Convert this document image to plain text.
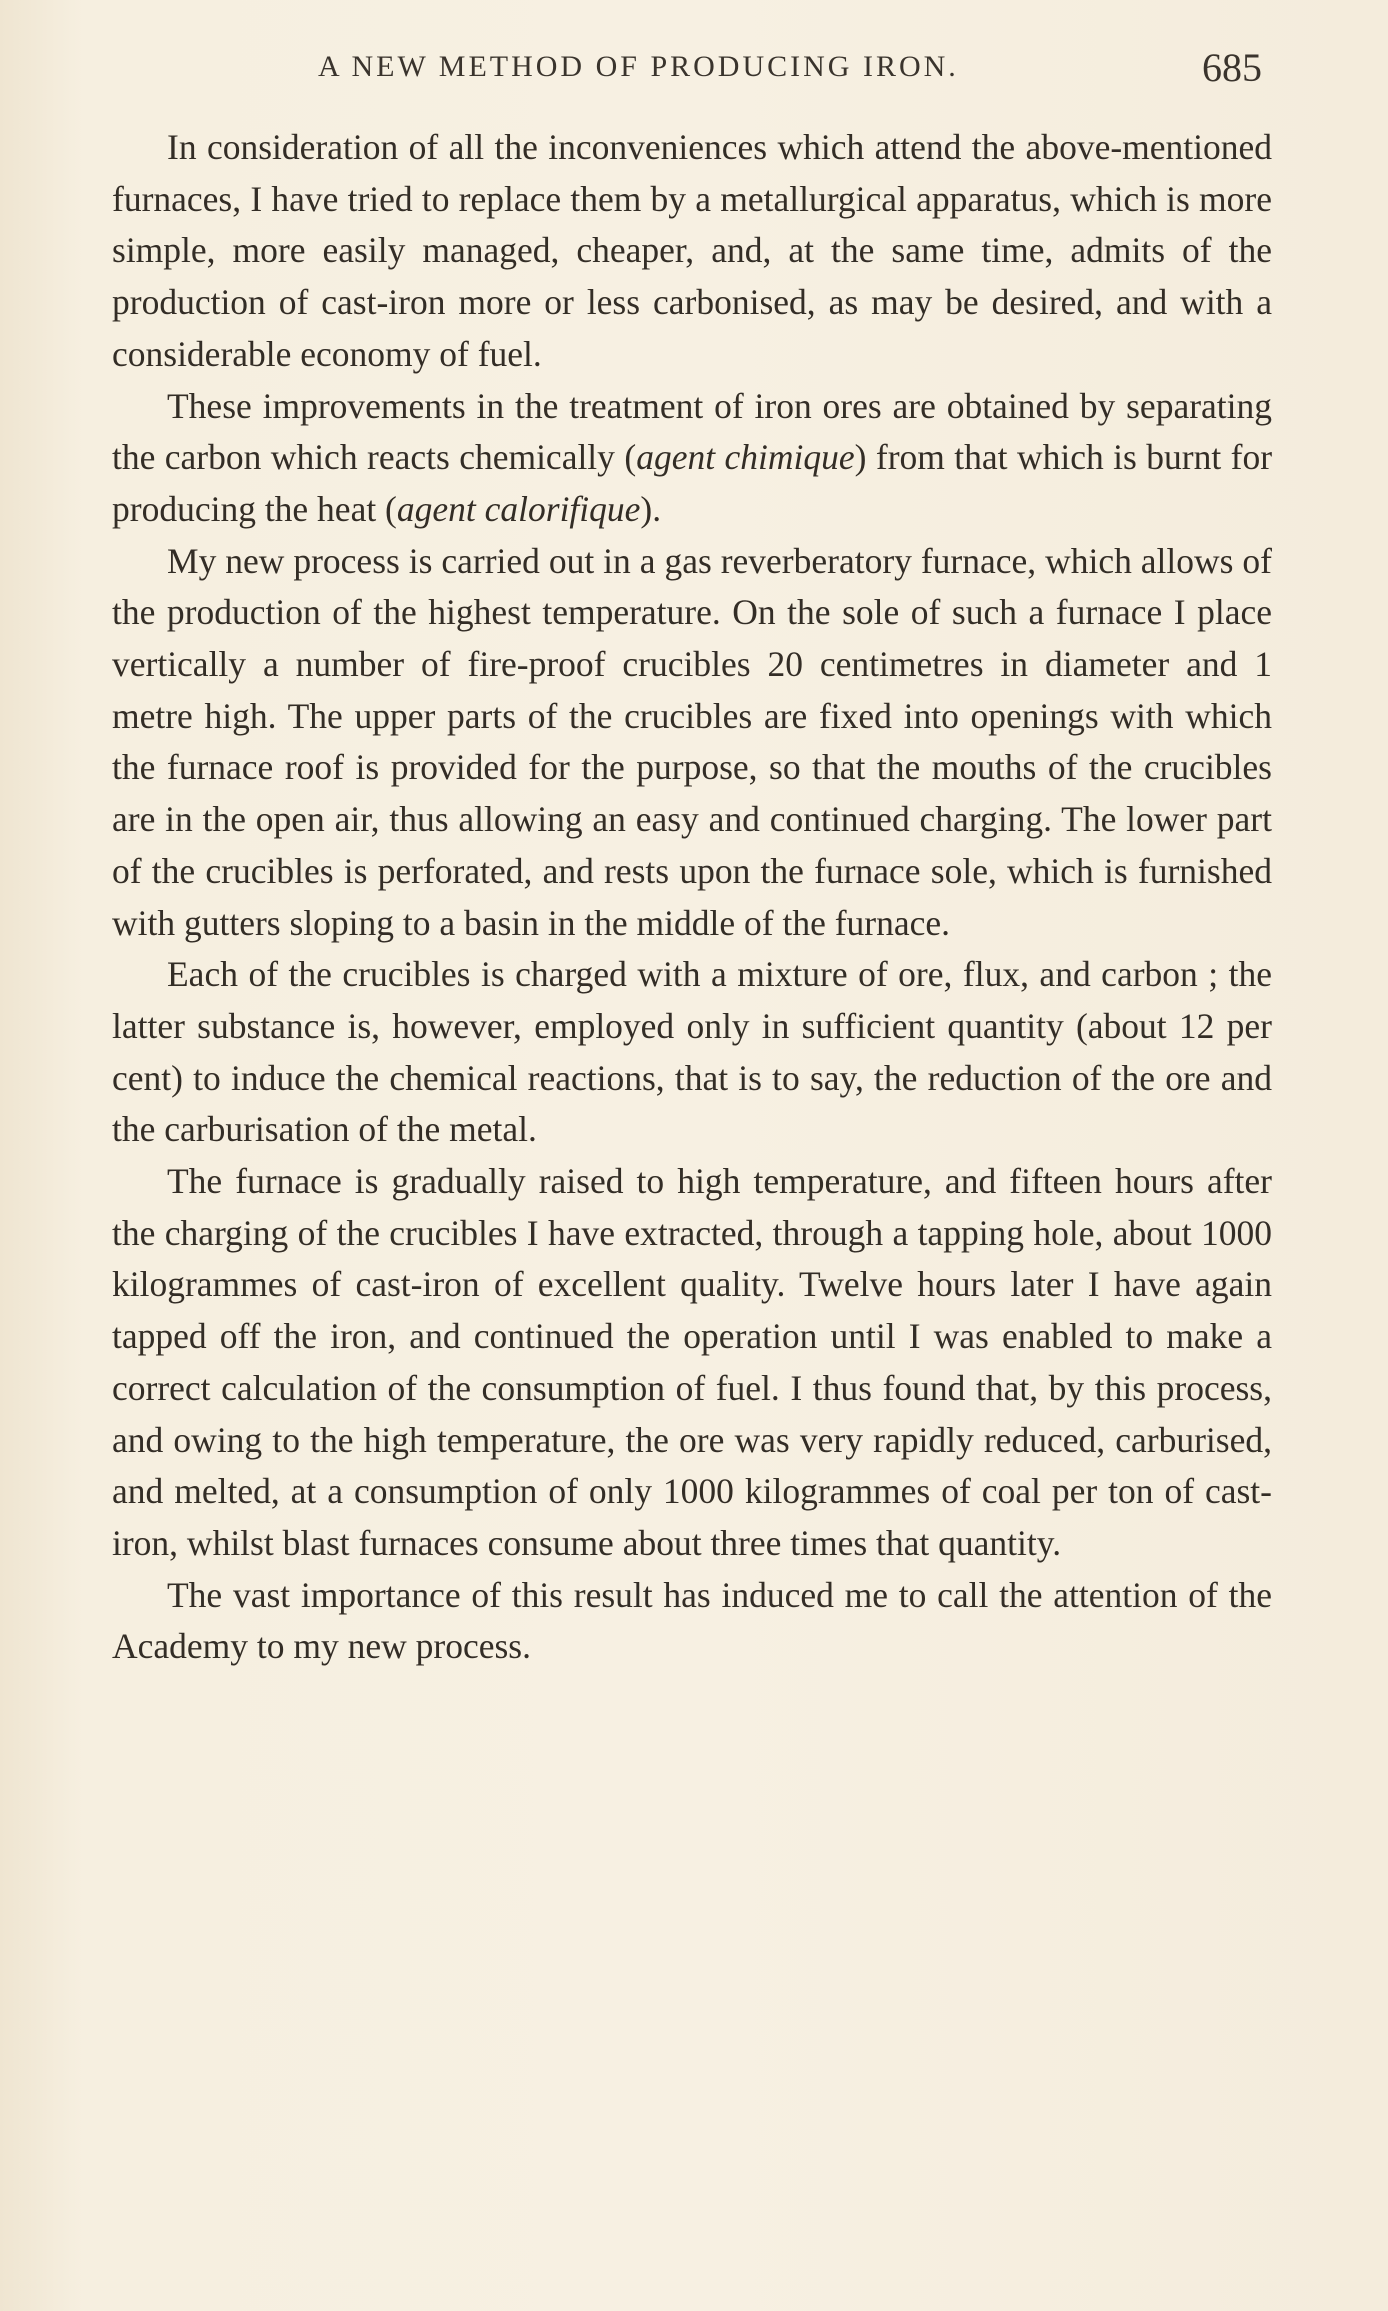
A NEW METHOD OF PRODUCING IRON.	685

In consideration of all the inconveniences which attend the above-mentioned furnaces, I have tried to replace them by a metallurgical apparatus, which is more simple, more easily managed, cheaper, and, at the same time, admits of the production of cast-iron more or less carbonised, as may be desired, and with a considerable economy of fuel.

These improvements in the treatment of iron ores are obtained by separating the carbon which reacts chemically (agent chimique) from that which is burnt for producing the heat (agent calorifique).

My new process is carried out in a gas reverberatory furnace, which allows of the production of the highest temperature. On the sole of such a furnace I place vertically a number of fire-proof crucibles 20 centimetres in diameter and 1 metre high. The upper parts of the crucibles are fixed into openings with which the furnace roof is provided for the purpose, so that the mouths of the crucibles are in the open air, thus allowing an easy and continued charging. The lower part of the crucibles is perforated, and rests upon the furnace sole, which is furnished with gutters sloping to a basin in the middle of the furnace.

Each of the crucibles is charged with a mixture of ore, flux, and carbon ; the latter substance is, however, employed only in sufficient quantity (about 12 per cent) to induce the chemical reactions, that is to say, the reduction of the ore and the carburisation of the metal.

The furnace is gradually raised to high temperature, and fifteen hours after the charging of the crucibles I have extracted, through a tapping hole, about 1000 kilogrammes of cast-iron of excellent quality. Twelve hours later I have again tapped off the iron, and continued the operation until I was enabled to make a correct calculation of the consumption of fuel. I thus found that, by this process, and owing to the high temperature, the ore was very rapidly reduced, carburised, and melted, at a consumption of only 1000 kilogrammes of coal per ton of cast-iron, whilst blast furnaces consume about three times that quantity.

The vast importance of this result has induced me to call the attention of the Academy to my new process.
